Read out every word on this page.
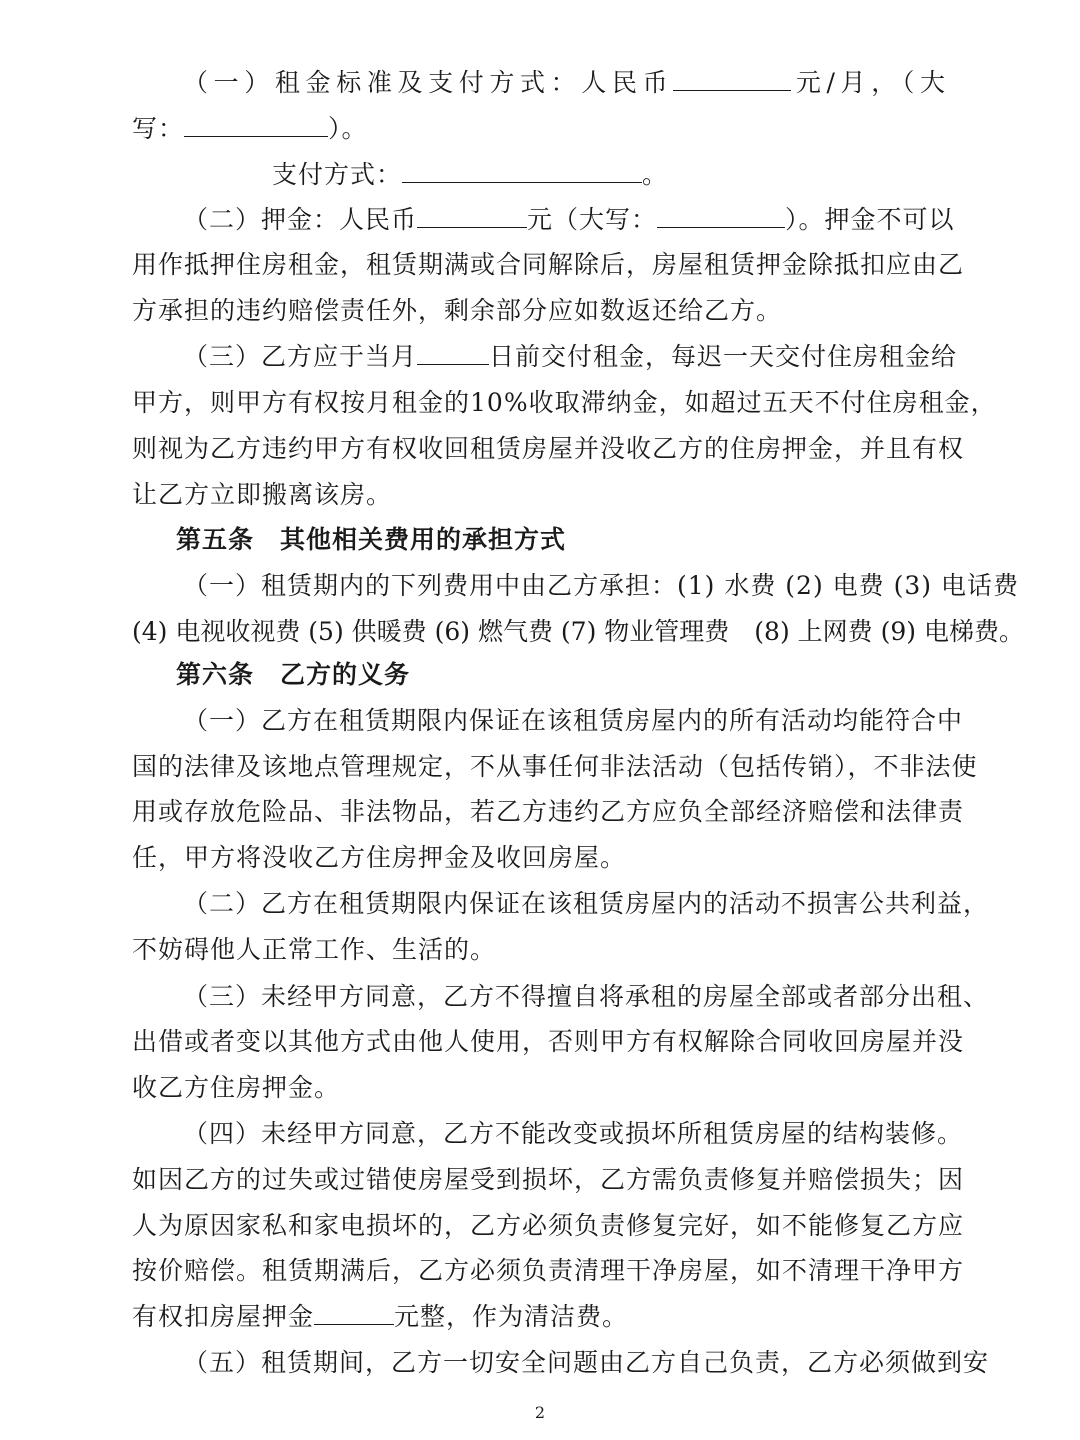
（一）租金标准及支付方式：人民币	元/月，（大

写：	）。

支付方式：	。

（二）押金：人民币	元（大写：	）。押金不可以

用作抵押住房租金，租赁期满或合同解除后，房屋租赁押金除抵扣应由乙

方承担的违约赔偿责任外，剩余部分应如数返还给乙方。

（三）乙方应于当月	日前交付租金，每迟一天交付住房租金给

甲方，则甲方有权按月租金的10%收取滞纳金，如超过五天不付住房租金，

则视为乙方违约甲方有权收回租赁房屋并没收乙方的住房押金，并且有权

让乙方立即搬离该房。

第五条　其他相关费用的承担方式

（一）租赁期内的下列费用中由乙方承担：(1) 水费 (2) 电费 (3) 电话费

(4) 电视收视费 (5) 供暖费 (6) 燃气费 (7) 物业管理费　(8) 上网费 (9) 电梯费。

第六条　乙方的义务

（一）乙方在租赁期限内保证在该租赁房屋内的所有活动均能符合中

国的法律及该地点管理规定，不从事任何非法活动（包括传销），不非法使

用或存放危险品、非法物品，若乙方违约乙方应负全部经济赔偿和法律责

任，甲方将没收乙方住房押金及收回房屋。

（二）乙方在租赁期限内保证在该租赁房屋内的活动不损害公共利益，

不妨碍他人正常工作、生活的。

（三）未经甲方同意，乙方不得擅自将承租的房屋全部或者部分出租、

出借或者变以其他方式由他人使用，否则甲方有权解除合同收回房屋并没

收乙方住房押金。

（四）未经甲方同意，乙方不能改变或损坏所租赁房屋的结构装修。

如因乙方的过失或过错使房屋受到损坏，乙方需负责修复并赔偿损失；因

人为原因家私和家电损坏的，乙方必须负责修复完好，如不能修复乙方应

按价赔偿。租赁期满后，乙方必须负责清理干净房屋，如不清理干净甲方

有权扣房屋押金	元整，作为清洁费。

（五）租赁期间，乙方一切安全问题由乙方自己负责，乙方必须做到安

2
